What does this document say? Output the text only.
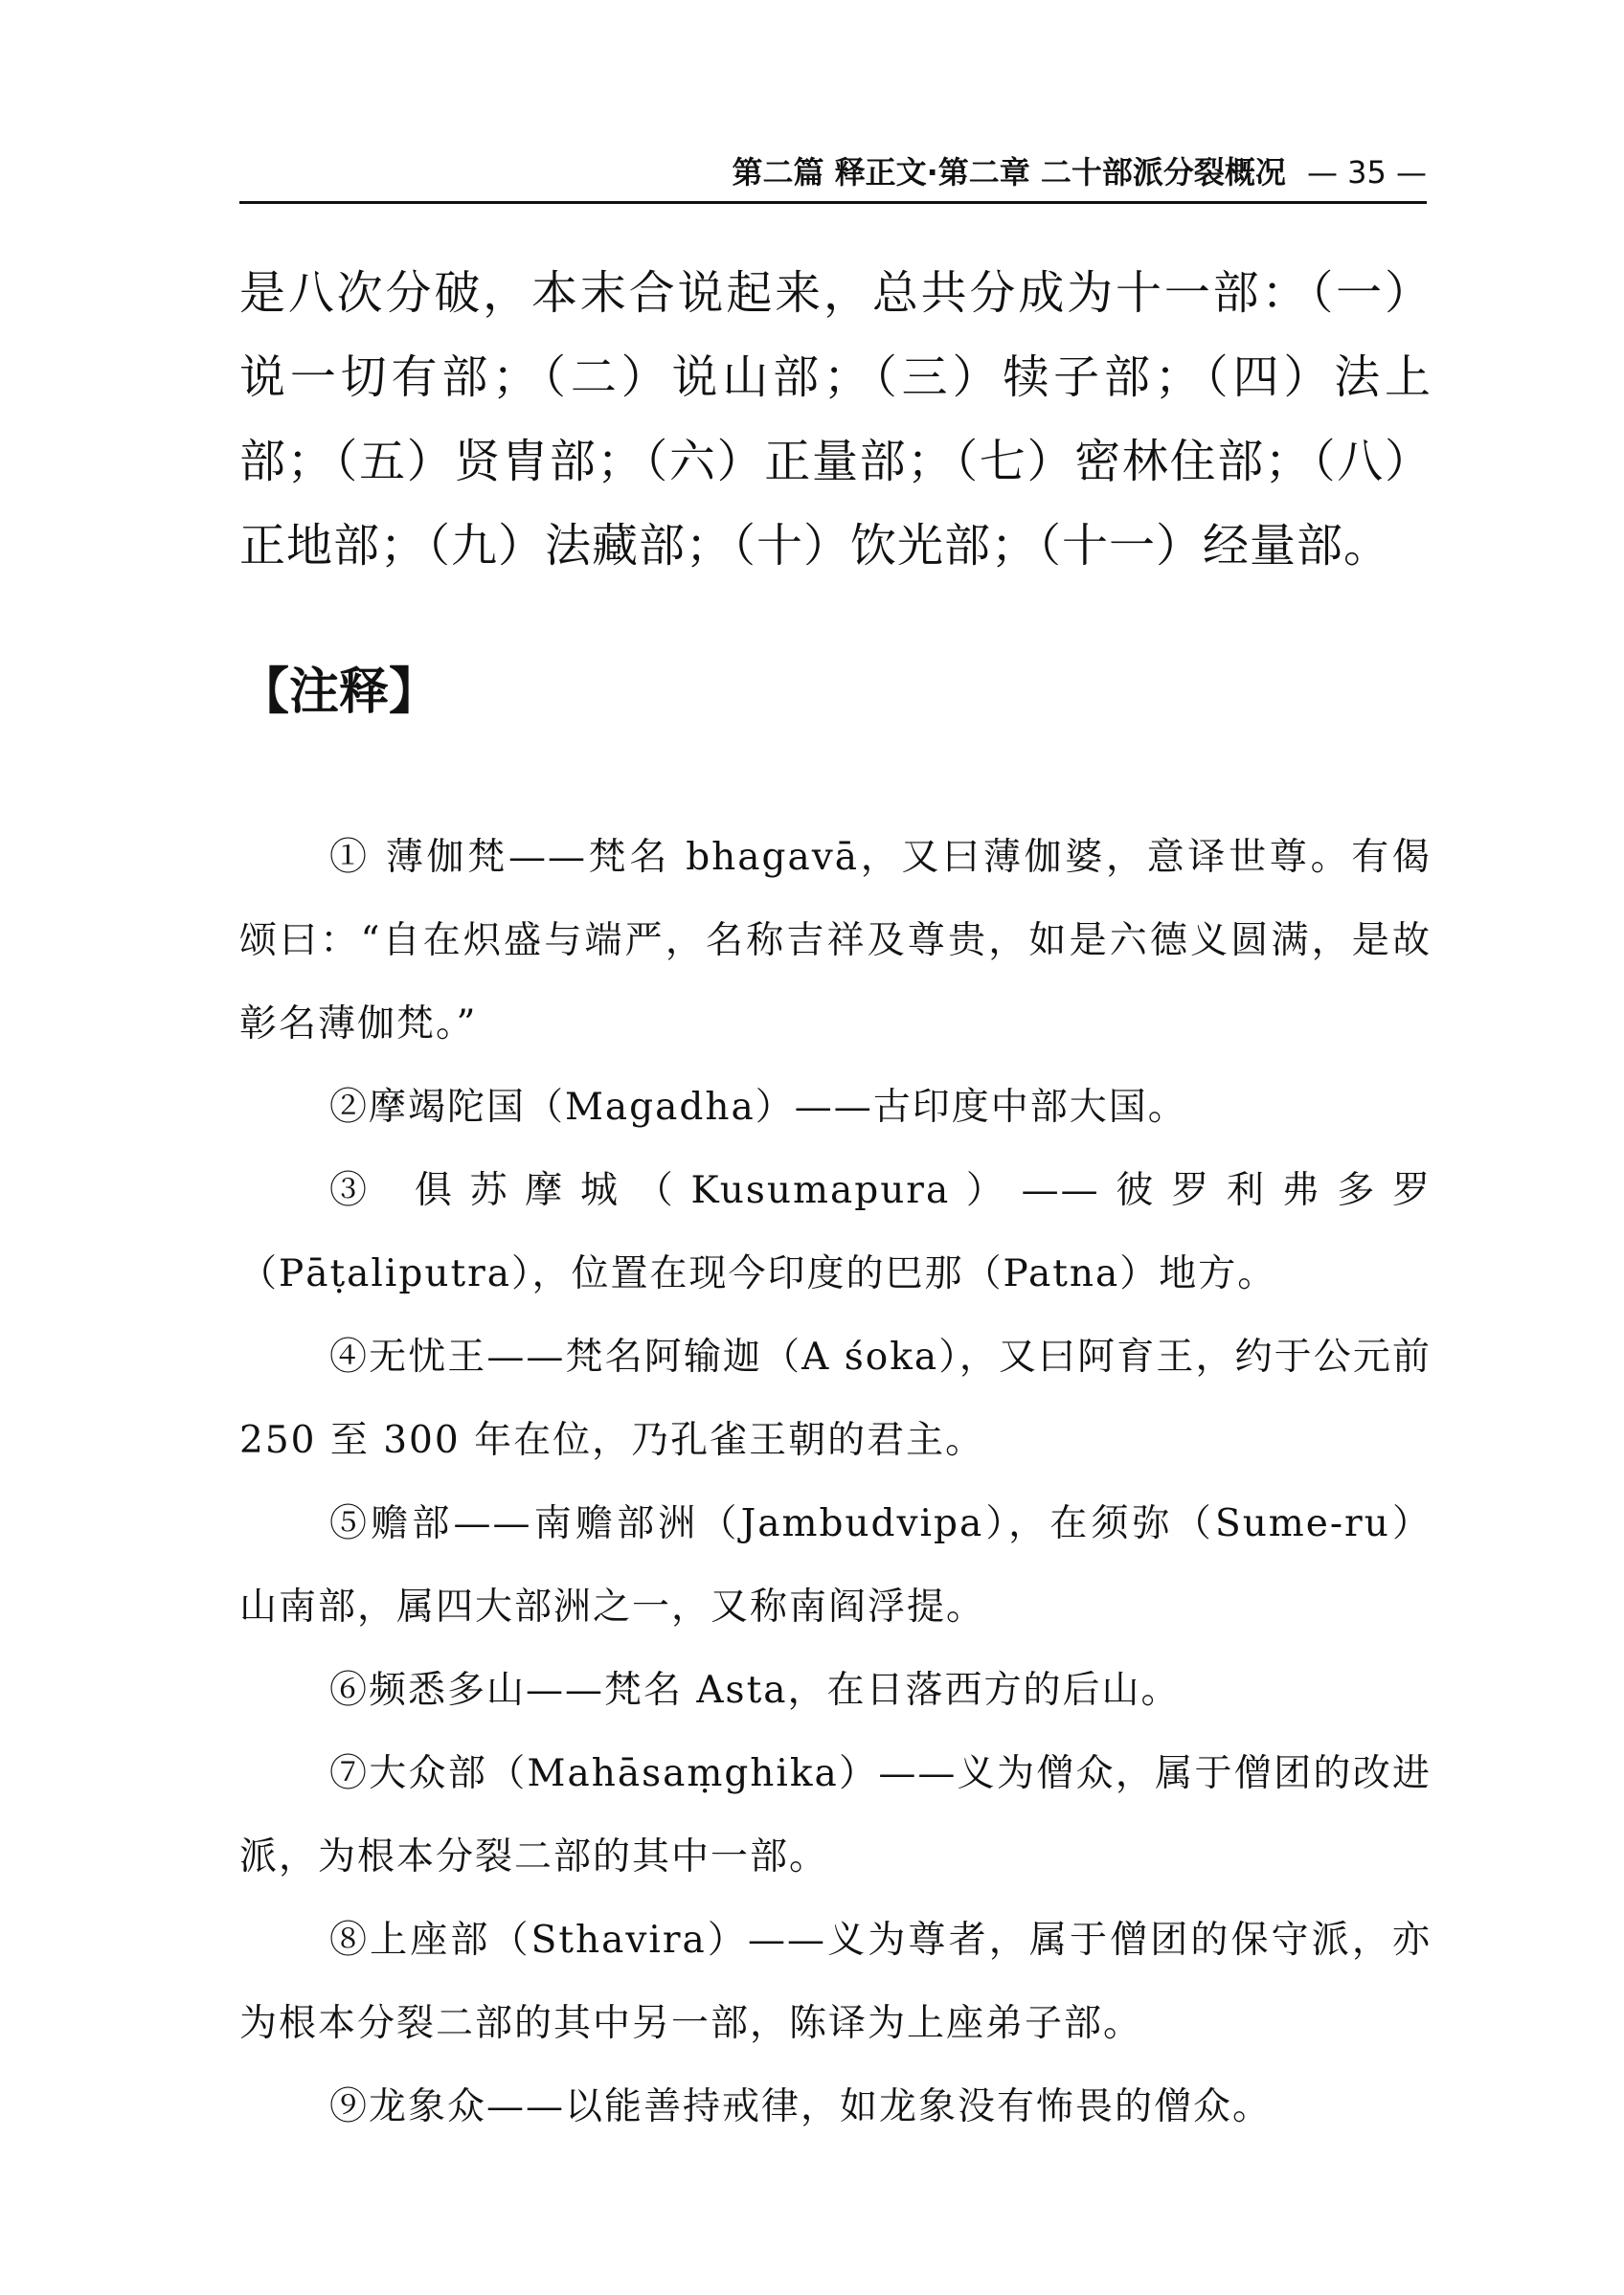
第二篇 释正文·第二章 二十部派分裂概况 — 35 —

是八次分破，本末合说起来，总共分成为十一部：（一）说一切有部；（二）说山部；（三）犊子部；（四）法上部；（五）贤胄部；（六）正量部；（七）密林住部；（八）正地部；（九）法藏部；（十）饮光部；（十一）经量部。

【注释】
① 薄伽梵——梵名 bhagavā，又曰薄伽婆，意译世尊。有偈颂曰：“自在炽盛与端严，名称吉祥及尊贵，如是六德义圆满，是故彰名薄伽梵。”
②摩竭陀国（Magadha）——古印度中部大国。
③ 俱苏摩城（Kusumapura）——彼罗利弗多罗（Pāṭaliputra），位置在现今印度的巴那（Patna）地方。
④无忧王——梵名阿输迦（A śoka），又曰阿育王，约于公元前 250 至 300 年在位，乃孔雀王朝的君主。
⑤赡部——南赡部洲（Jambudvipa），在须弥（Sume-ru）山南部，属四大部洲之一，又称南阎浮提。
⑥频悉多山——梵名 Asta，在日落西方的后山。
⑦大众部（Mahāsaṃghika）——义为僧众，属于僧团的改进派，为根本分裂二部的其中一部。
⑧上座部（Sthavira）——义为尊者，属于僧团的保守派，亦为根本分裂二部的其中另一部，陈译为上座弟子部。
⑨龙象众——以能善持戒律，如龙象没有怖畏的僧众。
